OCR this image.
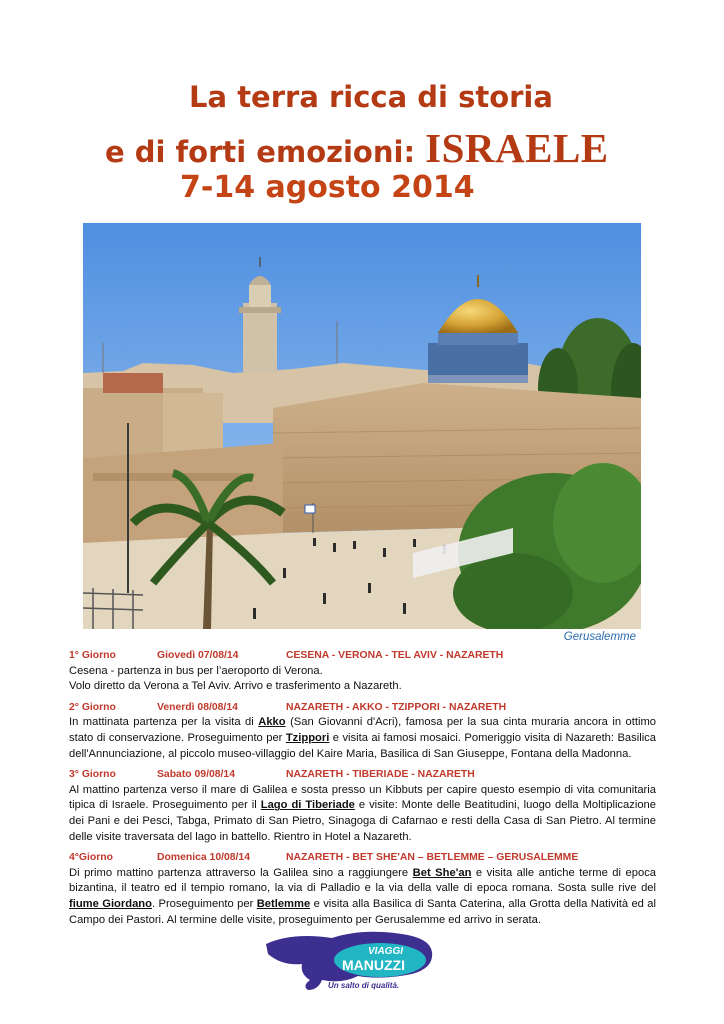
La terra ricca di storia
e di forti emozioni: ISRAELE
7-14 agosto 2014
Gerusalemme
1° Giorno	Giovedì 07/08/14	CESENA - VERONA - TEL AVIV - NAZARETH
Cesena - partenza in bus per l’aeroporto di Verona.
Volo diretto da Verona a Tel Aviv. Arrivo e trasferimento a Nazareth.
2° Giorno	Venerdì 08/08/14	NAZARETH - AKKO - TZIPPORI - NAZARETH
In mattinata partenza per la visita di Akko (San Giovanni d'Acri), famosa per la sua cinta muraria ancora in ottimo stato di conservazione. Proseguimento per Tzippori e visita ai famosi mosaici. Pomeriggio visita di Nazareth: Basilica dell'Annunciazione, al piccolo museo-villaggio del Kaire Maria, Basilica di San Giuseppe, Fontana della Madonna.
3° Giorno	Sabato 09/08/14	NAZARETH - TIBERIADE - NAZARETH
Al mattino partenza verso il mare di Galilea e sosta presso un Kibbuts per capire questo esempio di vita comunitaria tipica di Israele. Proseguimento per il Lago di Tiberiade e visite: Monte delle Beatitudini, luogo della Moltiplicazione dei Pani e dei Pesci, Tabga, Primato di San Pietro, Sinagoga di Cafarnao e resti della Casa di San Pietro. Al termine delle visite traversata del lago in battello. Rientro in Hotel a Nazareth.
4°Giorno	Domenica 10/08/14	NAZARETH - BET SHE'AN – BETLEMME – GERUSALEMME
Di primo mattino partenza attraverso la Galilea sino a raggiungere Bet She'an e visita alle antiche terme di epoca bizantina, il teatro ed il tempio romano, la via di Palladio e la via della valle di epoca romana. Sosta sulle rive del fiume Giordano. Proseguimento per Betlemme e visita alla Basilica di Santa Caterina, alla Grotta della Natività ed al Campo dei Pastori. Al termine delle visite, proseguimento per Gerusalemme ed arrivo in serata.
VIAGGI
MANUZZI
Un salto di qualità.
